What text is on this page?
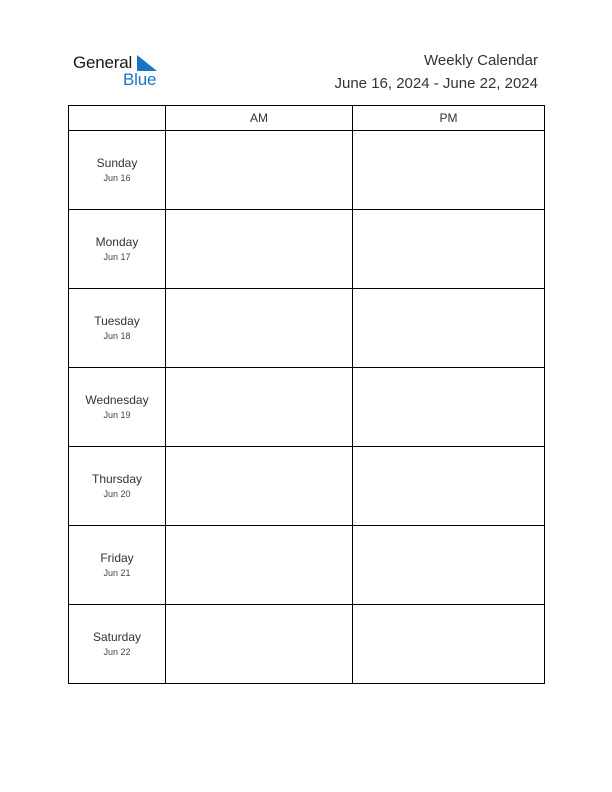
General
Blue
Weekly Calendar
June 16, 2024 - June 22, 2024
	AM	PM

Sunday
Jun 16		

Monday
Jun 17		

Tuesday
Jun 18		

Wednesday
Jun 19		

Thursday
Jun 20		

Friday
Jun 21		

Saturday
Jun 22		
